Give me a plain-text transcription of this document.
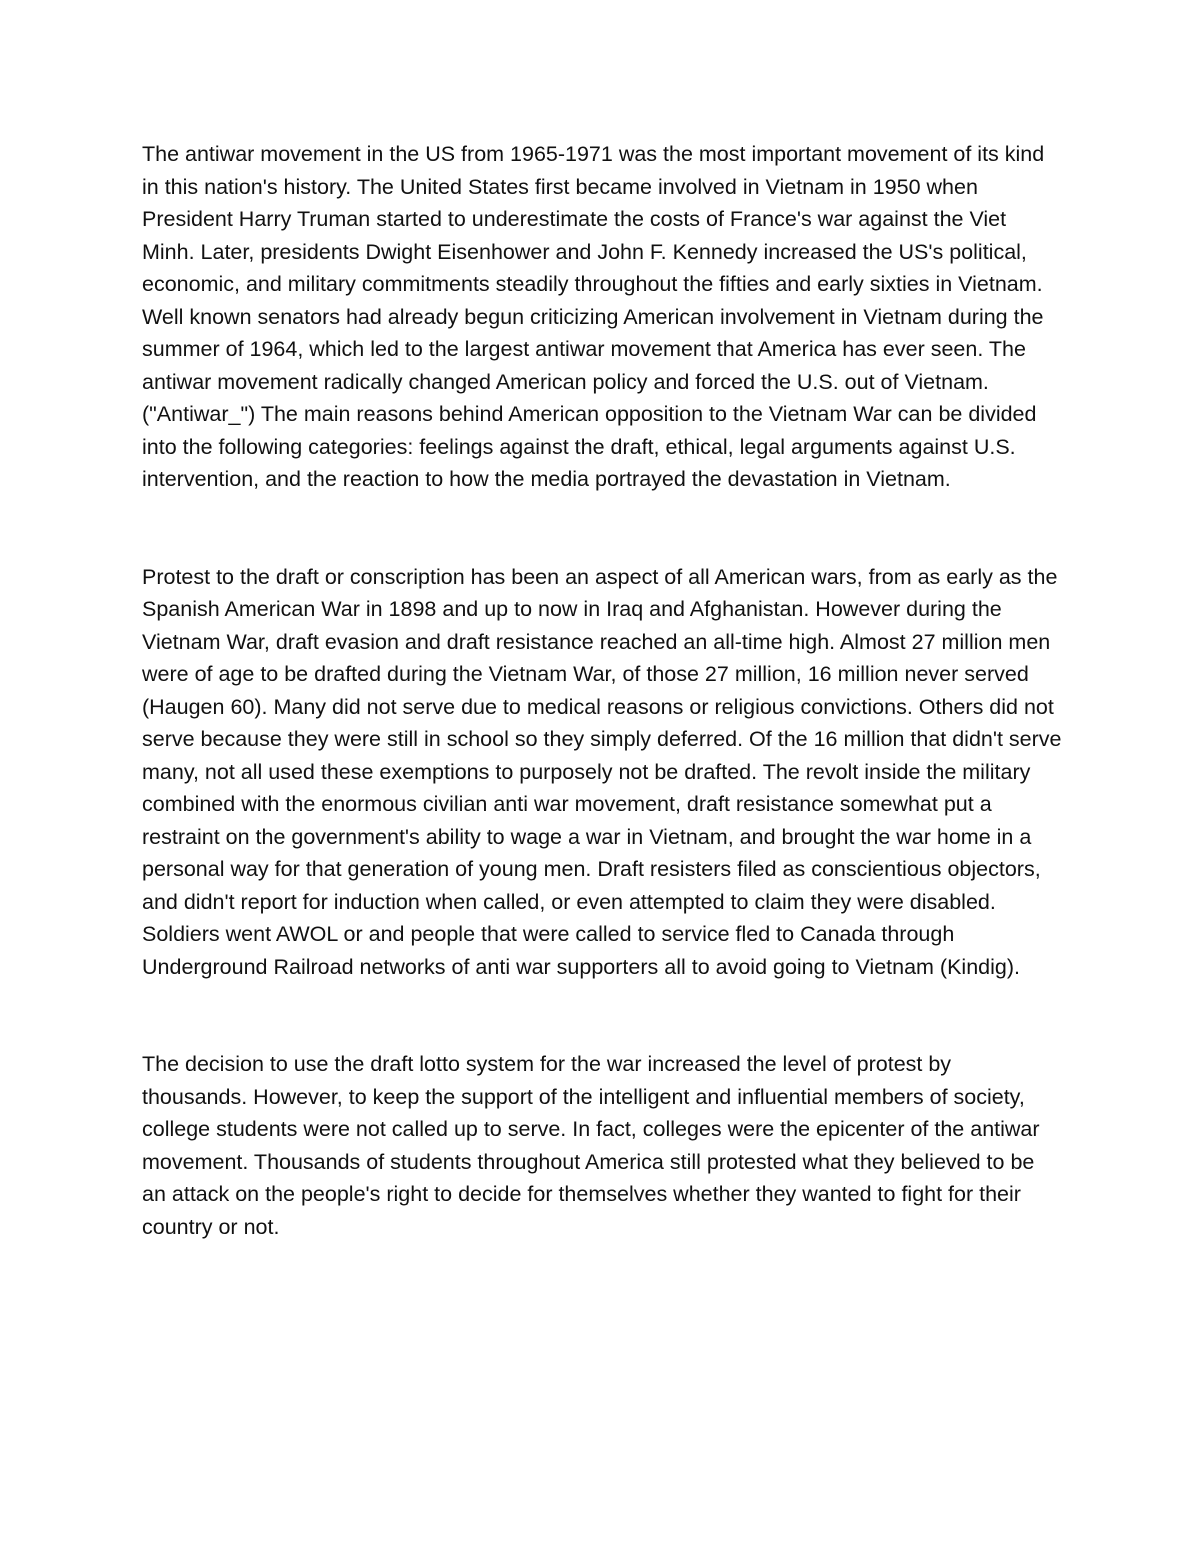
The antiwar movement in the US from 1965-1971 was the most important movement of its kind in this nation's history. The United States first became involved in Vietnam in 1950 when President Harry Truman started to underestimate the costs of France's war against the Viet Minh. Later, presidents Dwight Eisenhower and John F. Kennedy increased the US's political, economic, and military commitments steadily throughout the fifties and early sixties in Vietnam. Well known senators had already begun criticizing American involvement in Vietnam during the summer of 1964, which led to the largest antiwar movement that America has ever seen. The antiwar movement radically changed American policy and forced the U.S. out of Vietnam. ("Antiwar_") The main reasons behind American opposition to the Vietnam War can be divided into the following categories: feelings against the draft, ethical, legal arguments against U.S. intervention, and the reaction to how the media portrayed the devastation in Vietnam.

Protest to the draft or conscription has been an aspect of all American wars, from as early as the Spanish American War in 1898 and up to now in Iraq and Afghanistan. However during the Vietnam War, draft evasion and draft resistance reached an all-time high. Almost 27 million men were of age to be drafted during the Vietnam War, of those 27 million, 16 million never served (Haugen 60). Many did not serve due to medical reasons or religious convictions. Others did not serve because they were still in school so they simply deferred. Of the 16 million that didn't serve many, not all used these exemptions to purposely not be drafted. The revolt inside the military combined with the enormous civilian anti war movement, draft resistance somewhat put a restraint on the government's ability to wage a war in Vietnam, and brought the war home in a personal way for that generation of young men. Draft resisters filed as conscientious objectors, and didn't report for induction when called, or even attempted to claim they were disabled. Soldiers went AWOL or and people that were called to service fled to Canada through Underground Railroad networks of anti war supporters all to avoid going to Vietnam (Kindig).

The decision to use the draft lotto system for the war increased the level of protest by thousands. However, to keep the support of the intelligent and influential members of society, college students were not called up to serve. In fact, colleges were the epicenter of the antiwar movement. Thousands of students throughout America still protested what they believed to be an attack on the people's right to decide for themselves whether they wanted to fight for their country or not.
